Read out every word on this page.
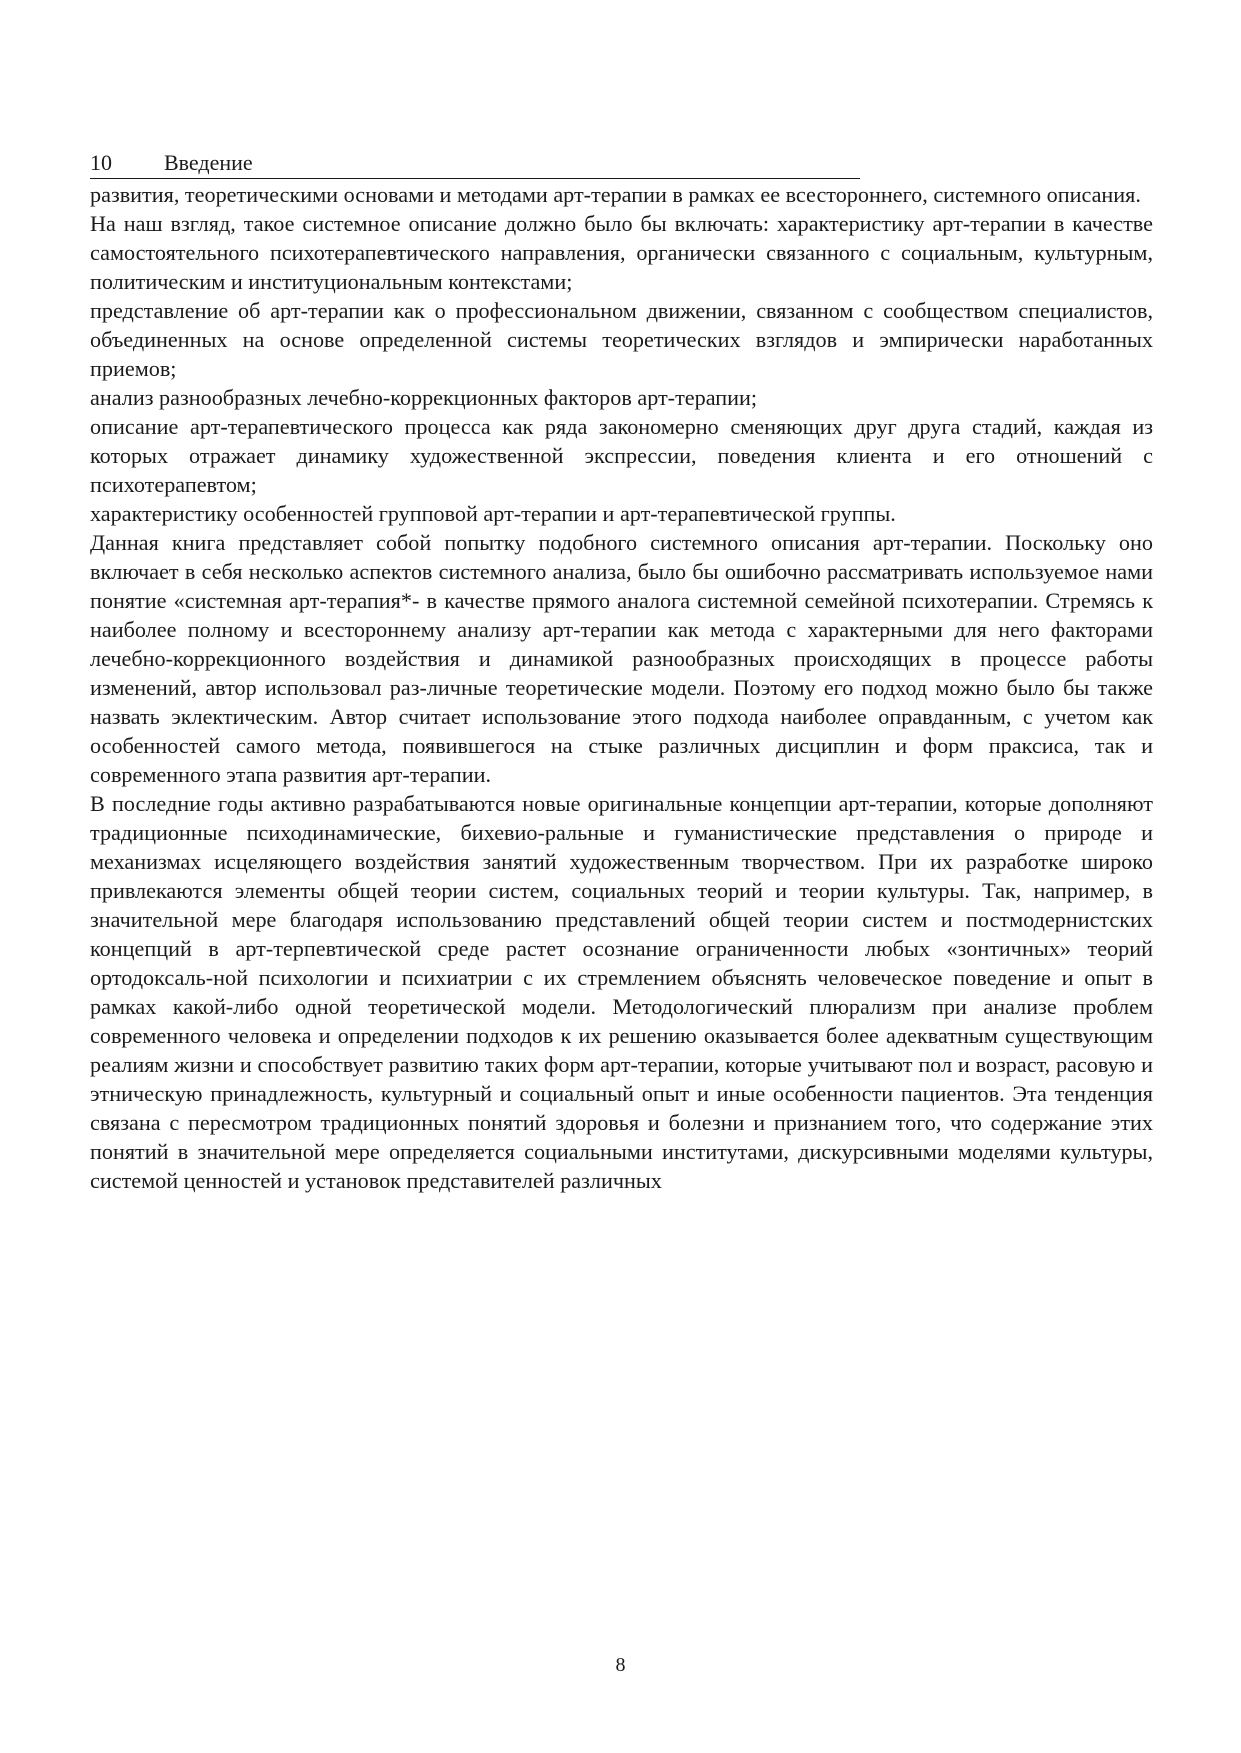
10 Введение

развития, теоретическими основами и методами арт-терапии в рамках ее всестороннего, системного описания.

На наш взгляд, такое системное описание должно было бы включать: характеристику арт-терапии в качестве самостоятельного психотерапевтического направления, органически связанного с социальным, культурным, политическим и институциональным контекстами;

представление об арт-терапии как о профессиональном движении, связанном с сообществом специалистов, объединенных на основе определенной системы теоретических взглядов и эмпирически наработанных приемов;

анализ разнообразных лечебно-коррекционных факторов арт-терапии;

описание арт-терапевтического процесса как ряда закономерно сменяющих друг друга стадий, каждая из которых отражает динамику художественной экспрессии, поведения клиента и его отношений с психотерапевтом;

характеристику особенностей групповой арт-терапии и арт-терапевтической группы.

Данная книга представляет собой попытку подобного системного описания арт-терапии. Поскольку оно включает в себя несколько аспектов системного анализа, было бы ошибочно рассматривать используемое нами понятие «системная арт-терапия*- в качестве прямого аналога системной семейной психотерапии. Стремясь к наиболее полному и всестороннему анализу арт-терапии как метода с характерными для него факторами лечебно-коррекционного воздействия и динамикой разнообразных происходящих в процессе работы изменений, автор использовал раз-личные теоретические модели. Поэтому его подход можно было бы также назвать эклектическим. Автор считает использование этого подхода наиболее оправданным, с учетом как особенностей самого метода, появившегося на стыке различных дисциплин и форм праксиса, так и современного этапа развития арт-терапии.

В последние годы активно разрабатываются новые оригинальные концепции арт-терапии, которые дополняют традиционные психодинамические, бихевио-ральные и гуманистические представления о природе и механизмах исцеляющего воздействия занятий художественным творчеством. При их разработке широко привлекаются элементы общей теории систем, социальных теорий и теории культуры. Так, например, в значительной мере благодаря использованию представлений общей теории систем и постмодернистских концепций в арт-терпевтической среде растет осознание ограниченности любых «зонтичных» теорий ортодоксаль-ной психологии и психиатрии с их стремлением объяснять человеческое поведение и опыт в рамках какой-либо одной теоретической модели. Методологический плюрализм при анализе проблем современного человека и определении подходов к их решению оказывается более адекватным существующим реалиям жизни и способствует развитию таких форм арт-терапии, которые учитывают пол и возраст, расовую и этническую принадлежность, культурный и социальный опыт и иные особенности пациентов. Эта тенденция связана с пересмотром традиционных понятий здоровья и болезни и признанием того, что содержание этих понятий в значительной мере определяется социальными институтами, дискурсивными моделями культуры, системой ценностей и установок представителей различных

8
